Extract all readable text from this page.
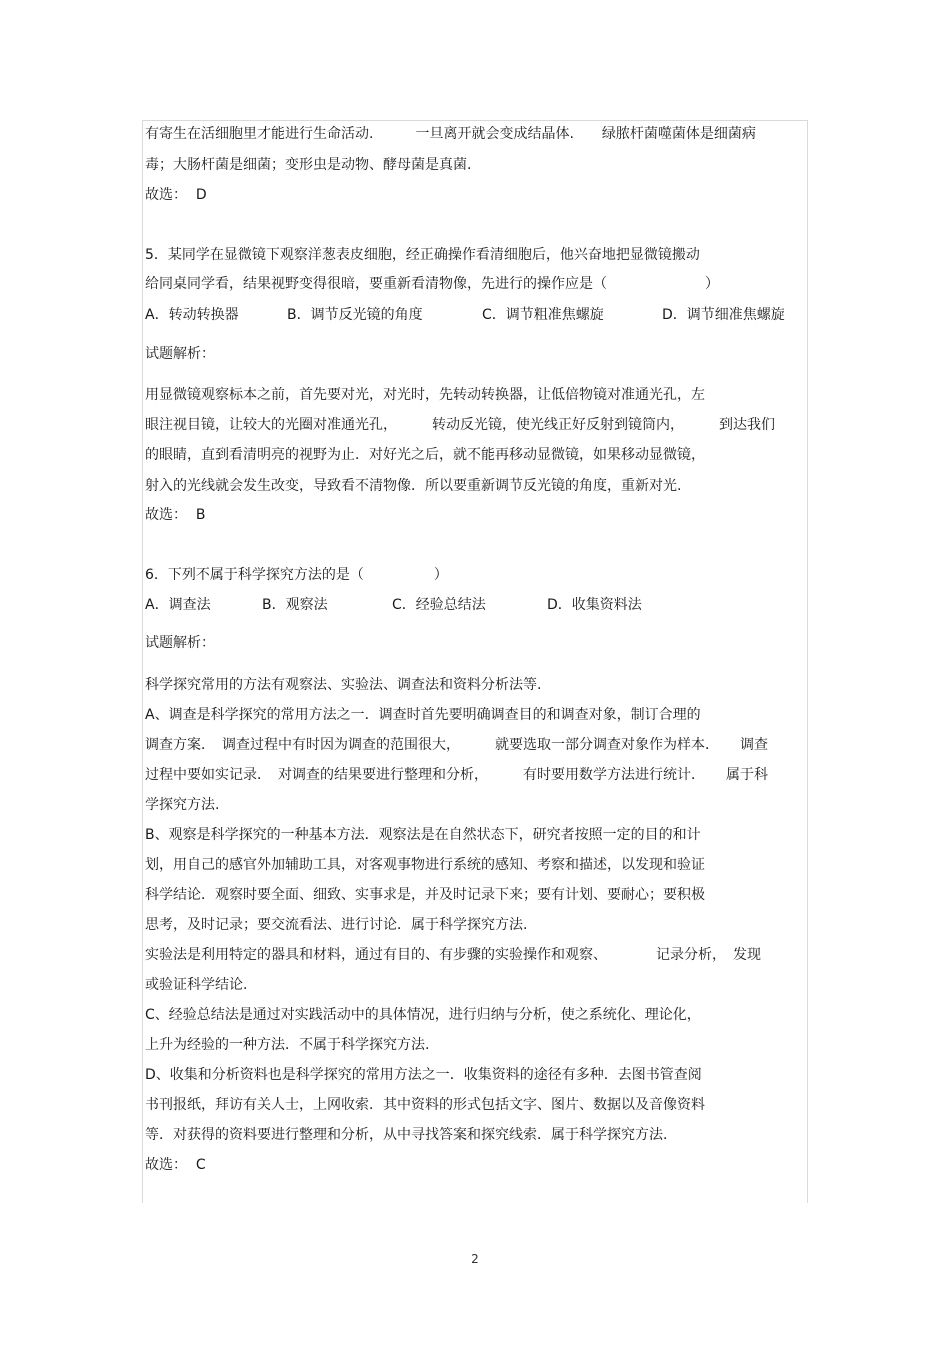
有寄生在活细胞里才能进行生命活动.　　　一旦离开就会变成结晶体.　　绿脓杆菌噬菌体是细菌病
毒；大肠杆菌是细菌；变形虫是动物、酵母菌是真菌.
故选：  D
5．某同学在显微镜下观察洋葱表皮细胞，经正确操作看清细胞后，他兴奋地把显微镜搬动
给同桌同学看，结果视野变得很暗，要重新看清物像，先进行的操作应是（　　　　　　　）
A．转动转换器	B．调节反光镜的角度	C．调节粗准焦螺旋	D．调节细准焦螺旋
试题解析：
用显微镜观察标本之前，首先要对光，对光时，先转动转换器，让低倍物镜对准通光孔，左
眼注视目镜，让较大的光圈对准通光孔，　　　转动反光镜，使光线正好反射到镜筒内，　　　到达我们
的眼睛，直到看清明亮的视野为止．对好光之后，就不能再移动显微镜，如果移动显微镜，
射入的光线就会发生改变，导致看不清物像．所以要重新调节反光镜的角度，重新对光.
故选：  B
6．下列不属于科学探究方法的是（　　　　　）
A．调查法	B．观察法	C．经验总结法	D．收集资料法
试题解析：
科学探究常用的方法有观察法、实验法、调查法和资料分析法等.
A、调查是科学探究的常用方法之一．调查时首先要明确调查目的和调查对象，制订合理的
调查方案．　调查过程中有时因为调查的范围很大，　　　就要选取一部分调查对象作为样本．　　调查
过程中要如实记录．　对调查的结果要进行整理和分析，　　　有时要用数学方法进行统计．　　属于科
学探究方法.
B、观察是科学探究的一种基本方法．观察法是在自然状态下，研究者按照一定的目的和计
划，用自己的感官外加辅助工具，对客观事物进行系统的感知、考察和描述，以发现和验证
科学结论．观察时要全面、细致、实事求是，并及时记录下来；要有计划、要耐心；要积极
思考，及时记录；要交流看法、进行讨论．属于科学探究方法.
实验法是利用特定的器具和材料，通过有目的、有步骤的实验操作和观察、　　　　记录分析，　发现
或验证科学结论.
C、经验总结法是通过对实践活动中的具体情况，进行归纳与分析，使之系统化、理论化，
上升为经验的一种方法．不属于科学探究方法.
D、收集和分析资料也是科学探究的常用方法之一．收集资料的途径有多种．去图书管查阅
书刊报纸，拜访有关人士，上网收索．其中资料的形式包括文字、图片、数据以及音像资料
等．对获得的资料要进行整理和分析，从中寻找答案和探究线索．属于科学探究方法.
故选：  C
2
